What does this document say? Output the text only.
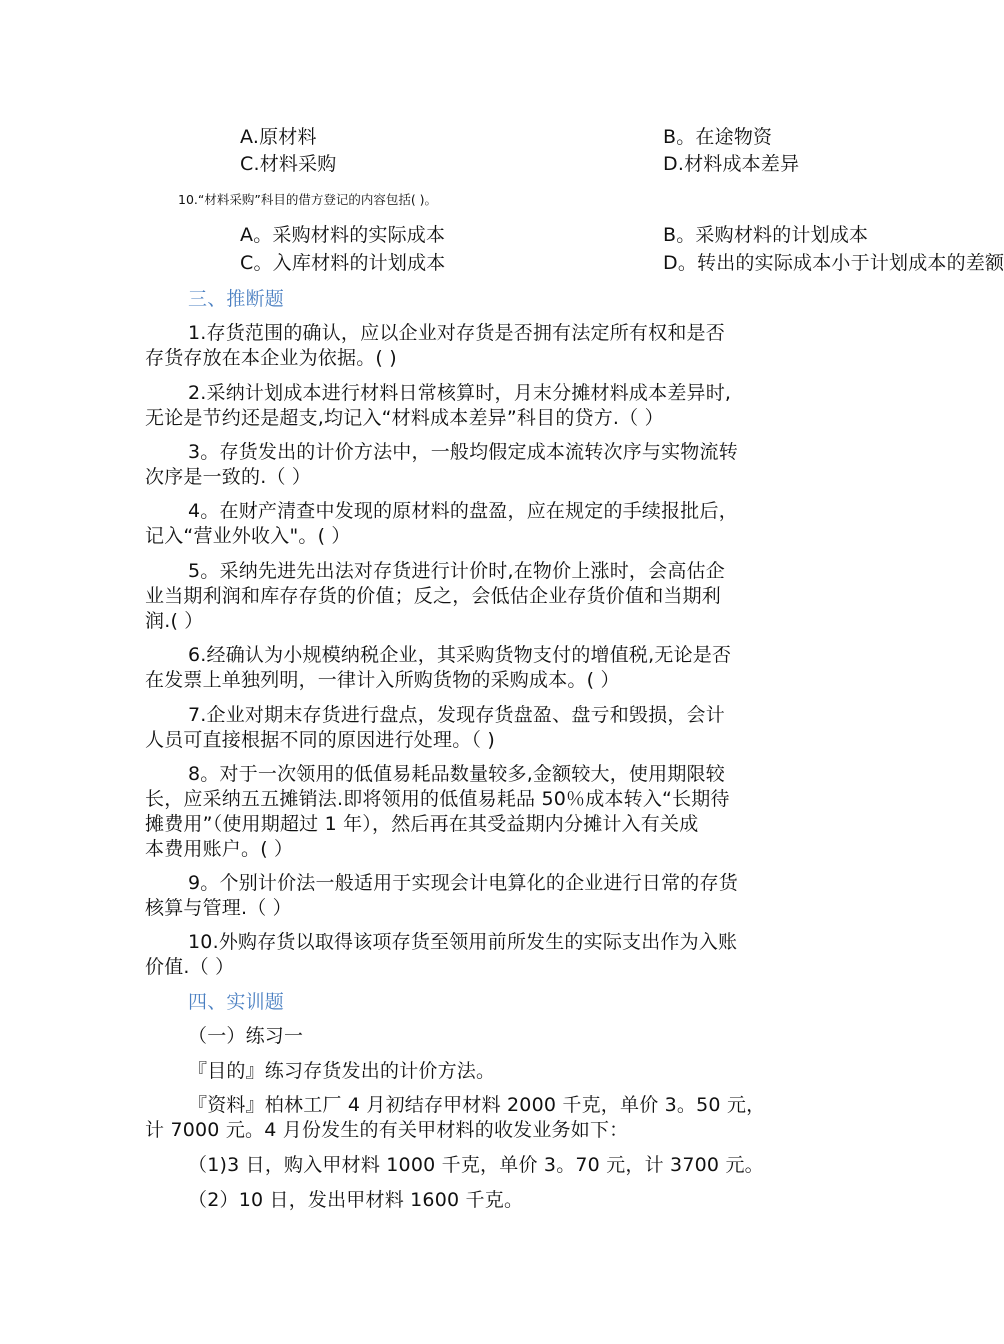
A.原材料	B。在途物资
C.材料采购	D.材料成本差异
10.“材料采购”科目的借方登记的内容包括( )。
A。采购材料的实际成本	B。采购材料的计划成本
C。入库材料的计划成本	D。转出的实际成本小于计划成本的差额
三、推断题
1.存货范围的确认，应以企业对存货是否拥有法定所有权和是否
存货存放在本企业为依据。( )
2.采纳计划成本进行材料日常核算时，月末分摊材料成本差异时,
无论是节约还是超支,均记入“材料成本差异”科目的贷方.（ ）
3。存货发出的计价方法中，一般均假定成本流转次序与实物流转
次序是一致的.（ ）
4。在财产清查中发现的原材料的盘盈，应在规定的手续报批后，
记入“营业外收入"。( ）
5。采纳先进先出法对存货进行计价时,在物价上涨时，会高估企
业当期利润和库存存货的价值；反之，会低估企业存货价值和当期利
润.( ）
6.经确认为小规模纳税企业，其采购货物支付的增值税,无论是否
在发票上单独列明，一律计入所购货物的采购成本。( ）
7.企业对期末存货进行盘点，发现存货盘盈、盘亏和毁损，会计
人员可直接根据不同的原因进行处理。（ )
8。对于一次领用的低值易耗品数量较多,金额较大，使用期限较
长，应采纳五五摊销法.即将领用的低值易耗品 50％成本转入“长期待
摊费用”（使用期超过 1 年），然后再在其受益期内分摊计入有关成
本费用账户。( ）
9。个别计价法一般适用于实现会计电算化的企业进行日常的存货
核算与管理.（ ）
10.外购存货以取得该项存货至领用前所发生的实际支出作为入账
价值.（ ）
四、实训题
（一）练习一
『目的』练习存货发出的计价方法。
『资料』柏林工厂 4 月初结存甲材料 2000 千克，单价 3。50 元，
计 7000 元。4 月份发生的有关甲材料的收发业务如下：
（1)3 日，购入甲材料 1000 千克，单价 3。70 元，计 3700 元。
（2）10 日，发出甲材料 1600 千克。
